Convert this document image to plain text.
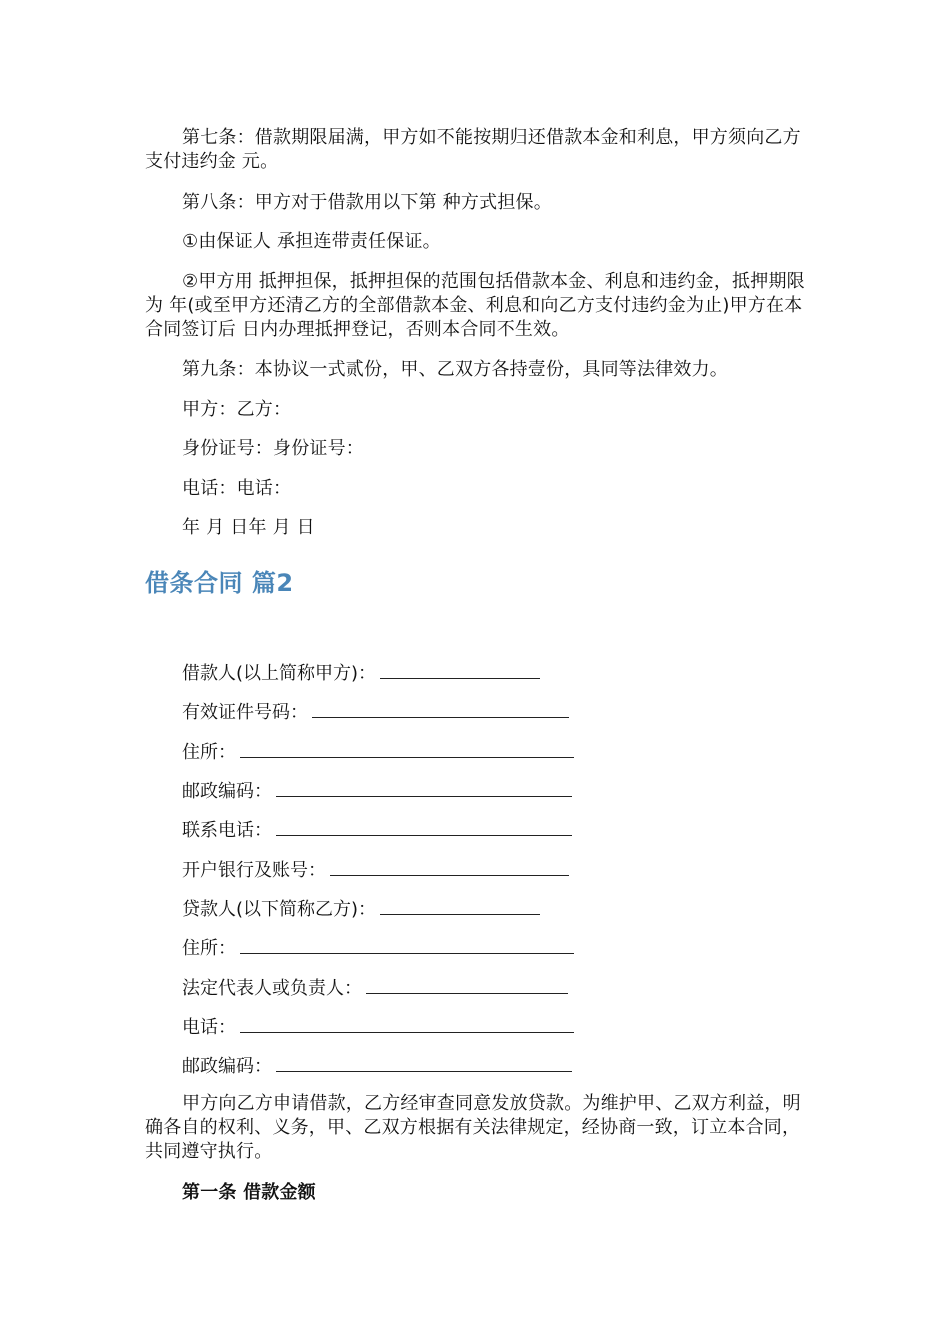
第七条：借款期限届满，甲方如不能按期归还借款本金和利息，甲方须向乙方支付违约金 元。

第八条：甲方对于借款用以下第 种方式担保。

①由保证人 承担连带责任保证。

②甲方用 抵押担保，抵押担保的范围包括借款本金、利息和违约金，抵押期限为 年(或至甲方还清乙方的全部借款本金、利息和向乙方支付违约金为止)甲方在本合同签订后 日内办理抵押登记，否则本合同不生效。

第九条：本协议一式贰份，甲、乙双方各持壹份，具同等法律效力。

甲方：乙方：

身份证号：身份证号：

电话：电话：

年 月 日年 月 日

借条合同 篇2
借款人(以上简称甲方)：
有效证件号码：
住所：
邮政编码：
联系电话：
开户银行及账号：
贷款人(以下简称乙方)：
住所：
法定代表人或负责人：
电话：
邮政编码：

甲方向乙方申请借款，乙方经审查同意发放贷款。为维护甲、乙双方利益，明确各自的权利、义务，甲、乙双方根据有关法律规定，经协商一致，订立本合同，共同遵守执行。

第一条 借款金额
